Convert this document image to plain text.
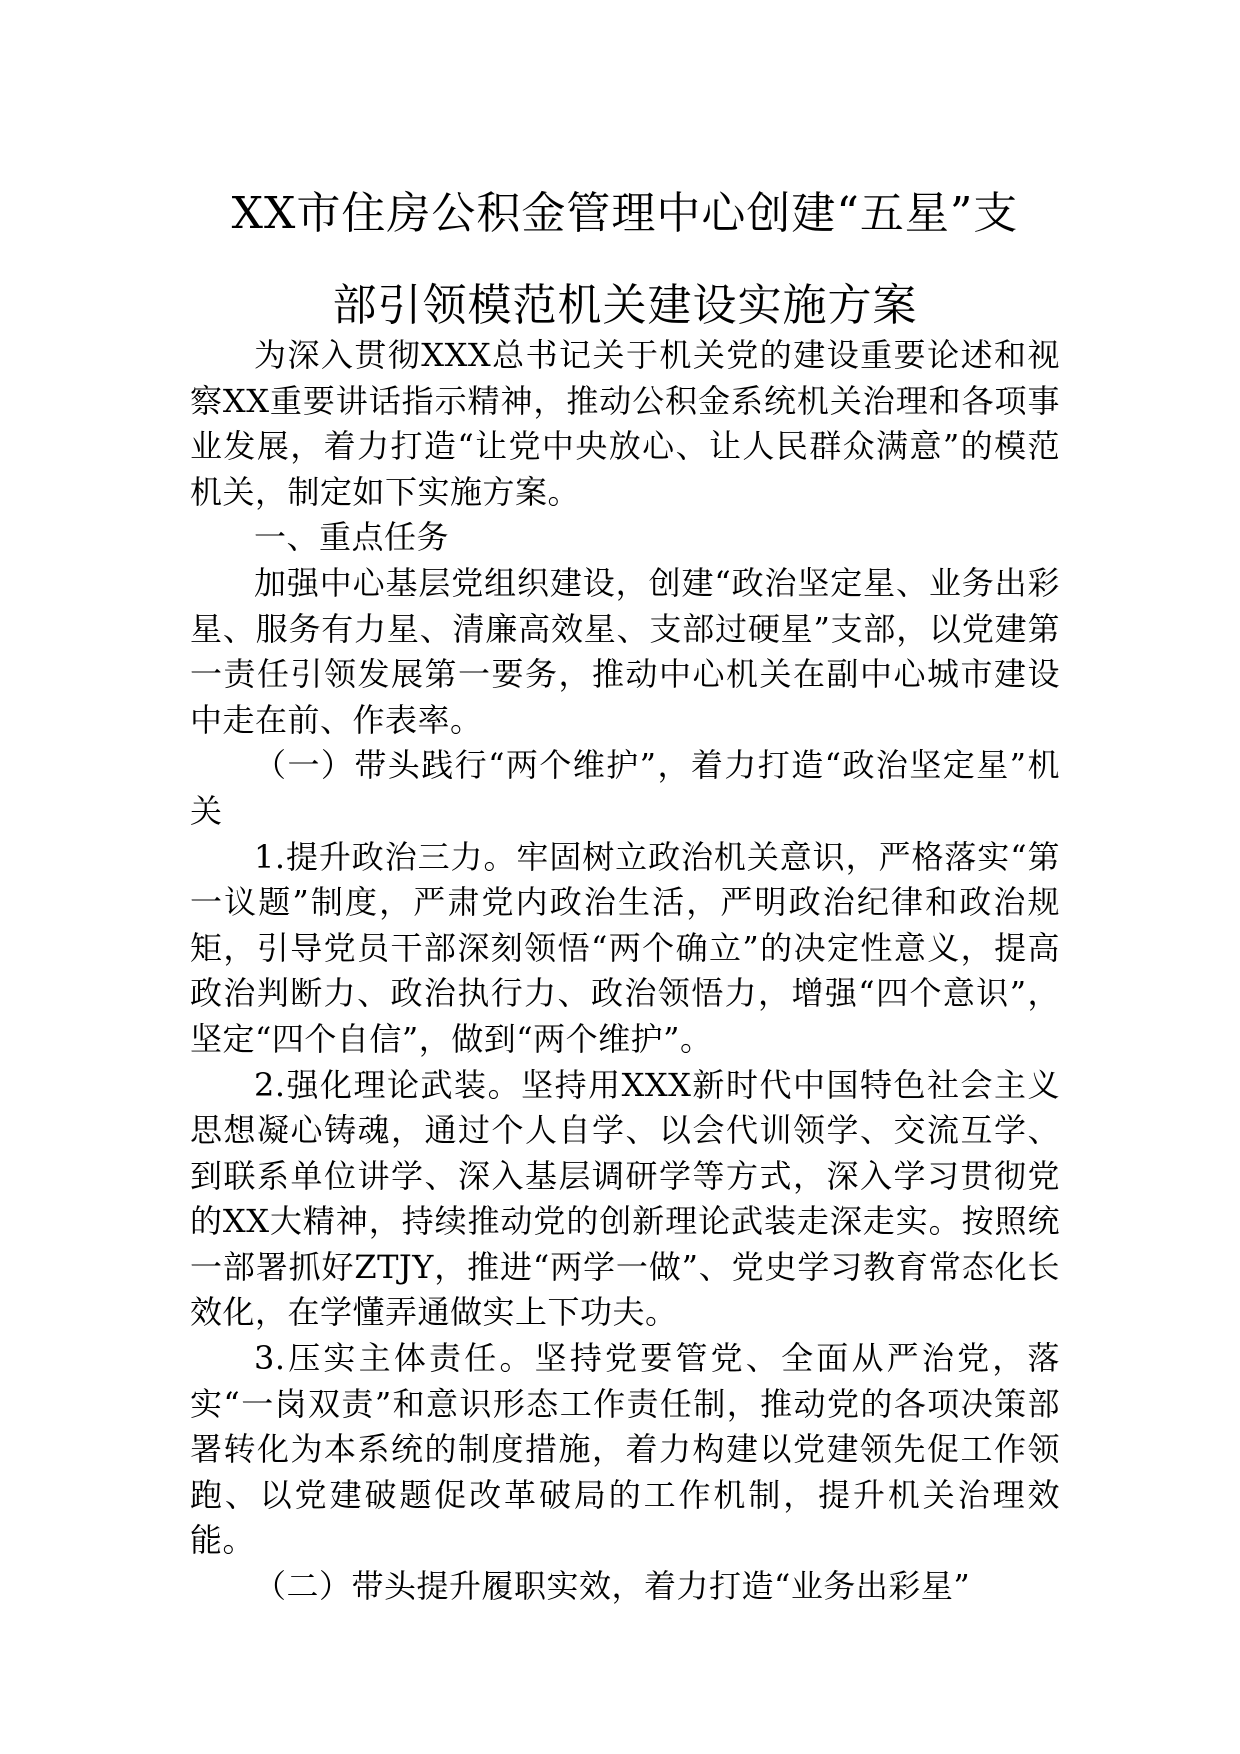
XX市住房公积金管理中心创建“五星”支
部引领模范机关建设实施方案

为深入贯彻XXX总书记关于机关党的建设重要论述和视察XX重要讲话指示精神，推动公积金系统机关治理和各项事业发展，着力打造“让党中央放心、让人民群众满意”的模范机关，制定如下实施方案。

一、重点任务

加强中心基层党组织建设，创建“政治坚定星、业务出彩星、服务有力星、清廉高效星、支部过硬星”支部，以党建第一责任引领发展第一要务，推动中心机关在副中心城市建设中走在前、作表率。

（一）带头践行“两个维护”，着力打造“政治坚定星”机关

1.提升政治三力。牢固树立政治机关意识，严格落实“第一议题”制度，严肃党内政治生活，严明政治纪律和政治规矩，引导党员干部深刻领悟“两个确立”的决定性意义，提高政治判断力、政治执行力、政治领悟力，增强“四个意识”，坚定“四个自信”，做到“两个维护”。

2.强化理论武装。坚持用XXX新时代中国特色社会主义思想凝心铸魂，通过个人自学、以会代训领学、交流互学、到联系单位讲学、深入基层调研学等方式，深入学习贯彻党的XX大精神，持续推动党的创新理论武装走深走实。按照统一部署抓好ZTJY，推进“两学一做”、党史学习教育常态化长效化，在学懂弄通做实上下功夫。

3.压实主体责任。坚持党要管党、全面从严治党，落实“一岗双责”和意识形态工作责任制，推动党的各项决策部署转化为本系统的制度措施，着力构建以党建领先促工作领跑、以党建破题促改革破局的工作机制，提升机关治理效能。

（二）带头提升履职实效，着力打造“业务出彩星”
